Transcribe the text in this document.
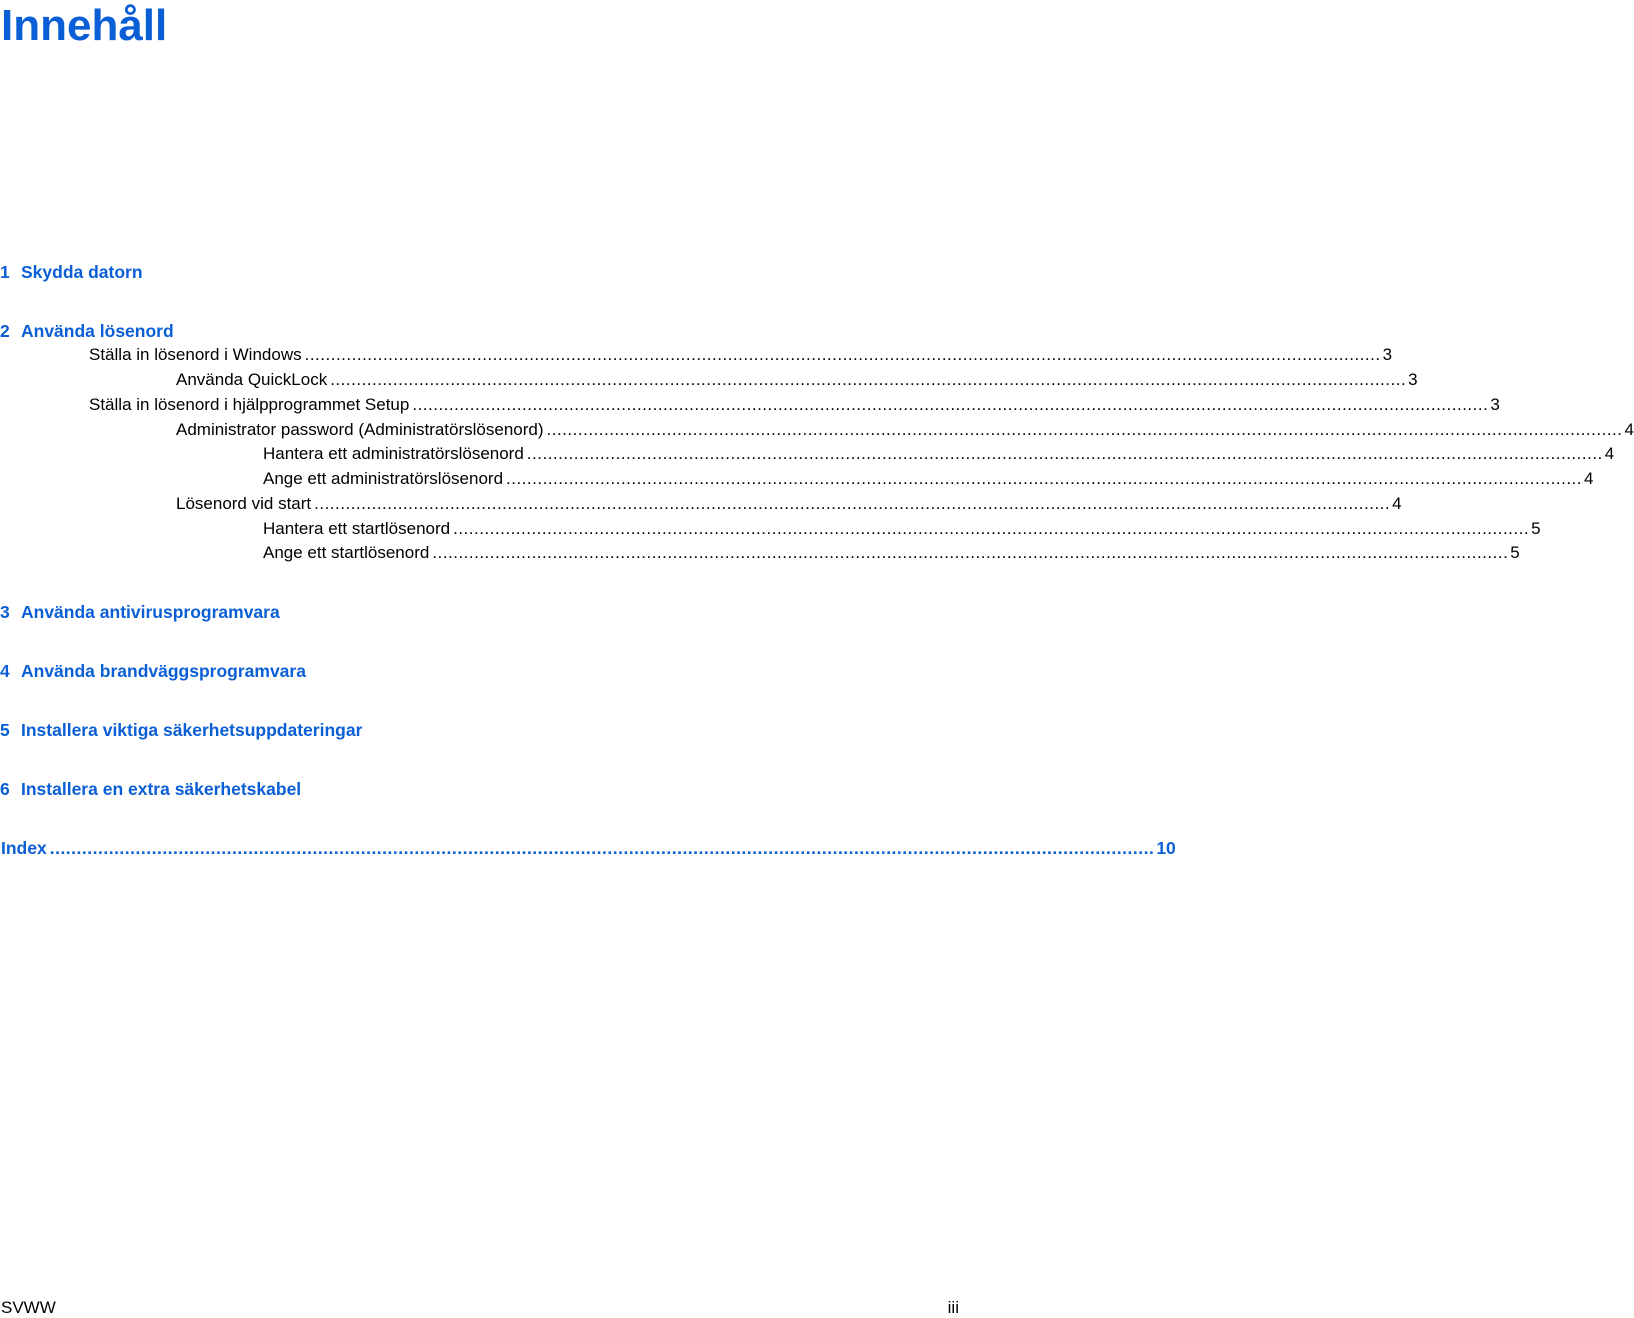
Innehåll
1 Skydda datorn
2 Använda lösenord
Ställa in lösenord i Windows .............................................................................................................................................................................................................. 3
Använda QuickLock .............................................................................................................................................................................................................. 3
Ställa in lösenord i hjälpprogrammet Setup .............................................................................................................................................................................................................. 3
Administrator password (Administratörslösenord) .............................................................................................................................................................................................................. 4
Hantera ett administratörslösenord .............................................................................................................................................................................................................. 4
Ange ett administratörslösenord .............................................................................................................................................................................................................. 4
Lösenord vid start .............................................................................................................................................................................................................. 4
Hantera ett startlösenord .............................................................................................................................................................................................................. 5
Ange ett startlösenord .............................................................................................................................................................................................................. 5
3 Använda antivirusprogramvara
4 Använda brandväggsprogramvara
5 Installera viktiga säkerhetsuppdateringar
6 Installera en extra säkerhetskabel
Index .............................................................................................................................................................................................................. 10
SVWW	iii
